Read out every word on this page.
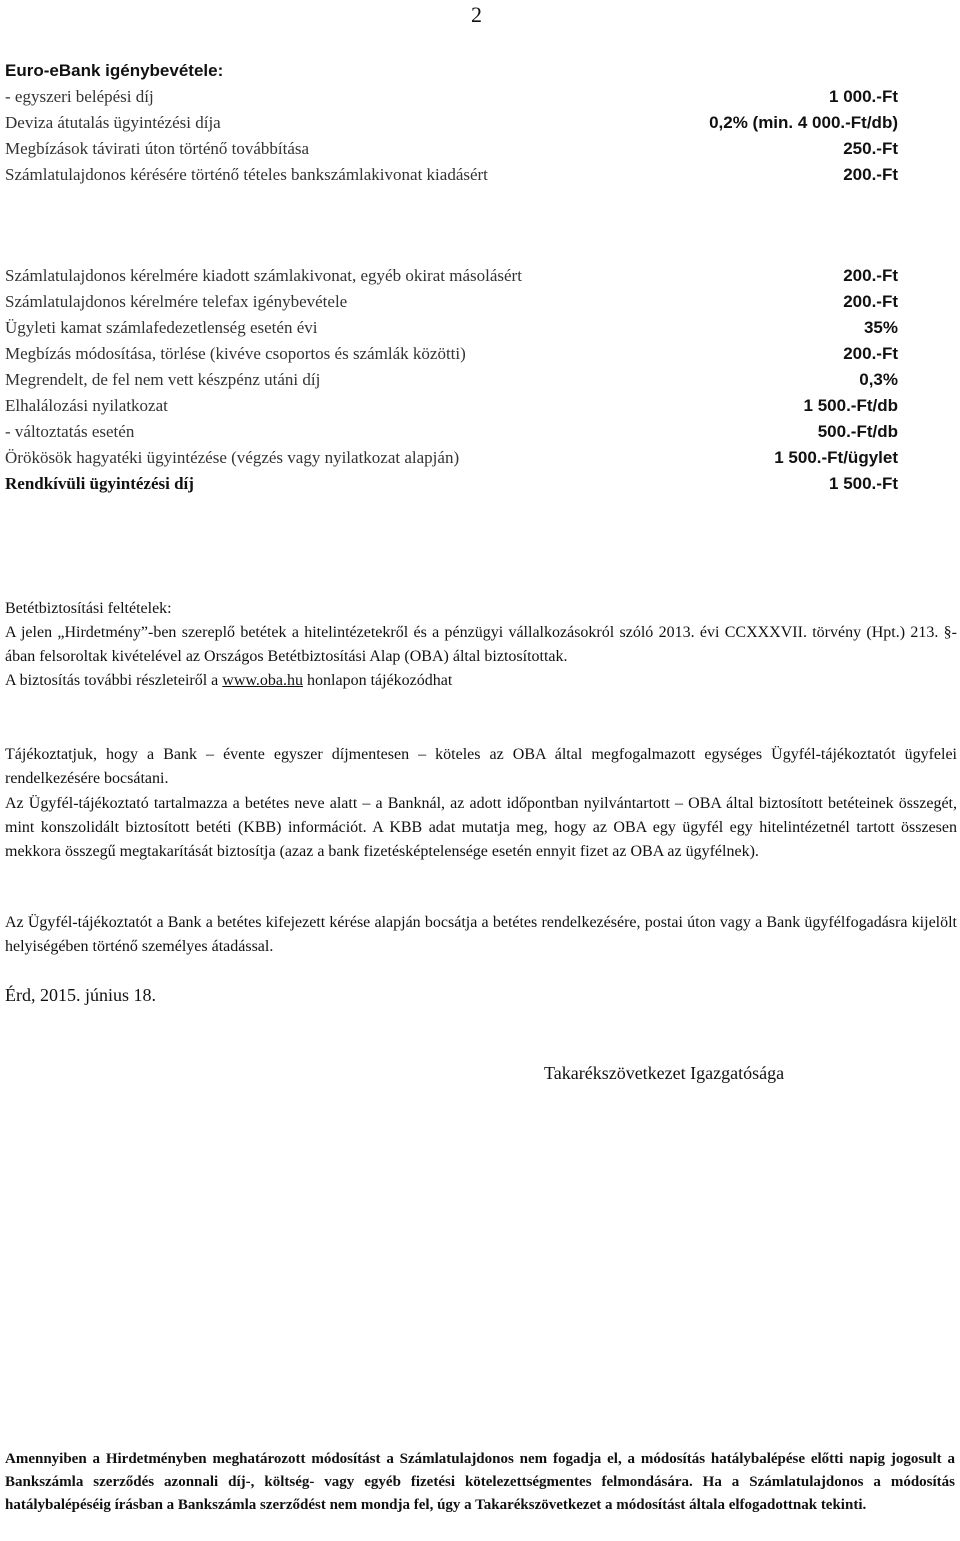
2
Euro-eBank igénybevétele:
- egyszeri belépési díj	1 000.-Ft
Deviza átutalás ügyintézési díja	0,2% (min. 4 000.-Ft/db)
Megbízások távirati úton történő továbbítása	250.-Ft
Számlatulajdonos kérésére történő tételes bankszámlakivonat kiadásért	200.-Ft
Számlatulajdonos kérelmére kiadott számlakivonat, egyéb okirat másolásért	200.-Ft
Számlatulajdonos kérelmére telefax igénybevétele	200.-Ft
Ügyleti kamat számlafedezetlenség esetén évi	35%
Megbízás módosítása, törlése (kivéve csoportos és számlák közötti)	200.-Ft
Megrendelt, de fel nem vett készpénz utáni díj	0,3%
Elhalálozási nyilatkozat	1 500.-Ft/db
- változtatás esetén	500.-Ft/db
Örökösök hagyatéki ügyintézése (végzés vagy nyilatkozat alapján)	1 500.-Ft/ügylet
Rendkívüli ügyintézési díj	1 500.-Ft
Betétbiztosítási feltételek:
A jelen „Hirdetmény”-ben szereplő betétek a hitelintézetekről és a pénzügyi vállalkozásokról szóló 2013. évi CCXXXVII. törvény (Hpt.) 213. §-ában felsoroltak kivételével az Országos Betétbiztosítási Alap (OBA) által biztosítottak.
A biztosítás további részleteiről a www.oba.hu honlapon tájékozódhat
Tájékoztatjuk, hogy a Bank – évente egyszer díjmentesen – köteles az OBA által megfogalmazott egységes Ügyfél-tájékoztatót ügyfelei rendelkezésére bocsátani.
Az Ügyfél-tájékoztató tartalmazza a betétes neve alatt – a Banknál, az adott időpontban nyilvántartott – OBA által biztosított betéteinek összegét, mint konszolidált biztosított betéti (KBB) információt. A KBB adat mutatja meg, hogy az OBA egy ügyfél egy hitelintézetnél tartott összesen mekkora összegű megtakarítását biztosítja (azaz a bank fizetésképtelensége esetén ennyit fizet az OBA az ügyfélnek).
Az Ügyfél-tájékoztatót a Bank a betétes kifejezett kérése alapján bocsátja a betétes rendelkezésére, postai úton vagy a Bank ügyfélfogadásra kijelölt helyiségében történő személyes átadással.
Érd, 2015. június 18.
Takarékszövetkezet Igazgatósága
Amennyiben a Hirdetményben meghatározott módosítást a Számlatulajdonos nem fogadja el, a módosítás hatálybalépése előtti napig jogosult a Bankszámla szerződés azonnali díj-, költség- vagy egyéb fizetési kötelezettségmentes felmondására. Ha a Számlatulajdonos a módosítás hatálybalépéséig írásban a Bankszámla szerződést nem mondja fel, úgy a Takarékszövetkezet a módosítást általa elfogadottnak tekinti.
